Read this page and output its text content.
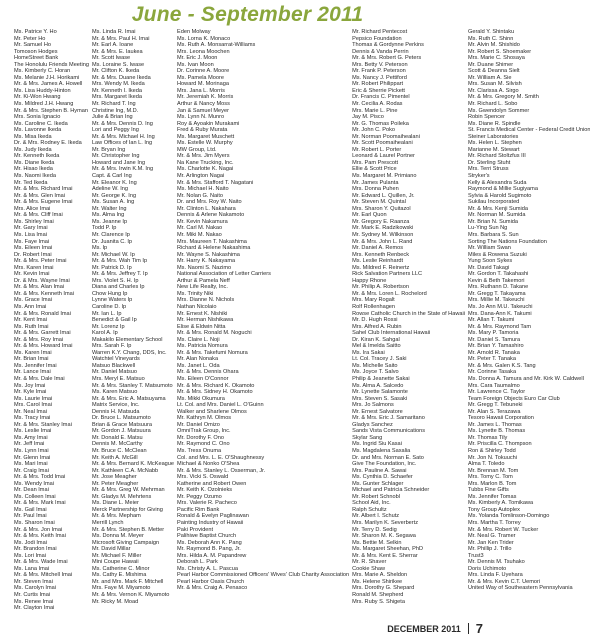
June - September 2011
Ms. Patrice Y. Ho
Mr. Peter Ho
Mr. Samuel Ho
Tomoson Hodges
HomeStreet Bank
The Honolulu Friends Meeting
Ms. Kimberly C. Horan
Ms. Melanie J.H. Horikami
Mr. & Mrs. James A. Howell
Ms. Lisa Huddy-Hinton
Mr. Ki-Won Hwang
Ms. Mildred J.H. Hwang
Mr. & Mrs. Stephen B. Hyman
Mrs. Sonia Ignacio
Ms. Caroline C. Ikeda
Ms. Lavonne Ikeda
Ms. Misa Ikeda
Dr. & Mrs. Rodney E. Ikeda
Ms. Judy Ikeda
Mr. Kenneth Ikeda
Ms. Diane Ikeda
Mr. Hisao Ikeda
Ms. Naomi Ikeda
Mr. Ted Ikeda
Mr. & Mrs. Richard Imai
Mr. & Mrs. Glen Imai
Mr. & Mrs. Eugene Imai
Mrs. Alice Imai
Mr. & Mrs. Cliff Imai
Ms. Shirley Imai
Mr. Gary Imai
Ms. Lisa Imai
Ms. Faye Imai
Ms. Eileen Imai
Dr. Robert Imai
Mr. & Mrs. Peter Imai
Mrs. Karen Imai
Mr. Kevin Imai
Dr. & Mrs. Wayne Imai
Mr. & Mrs. Alan Imai
Mr. & Mrs. Kenneth Imai
Ms. Grace Imai
Ms. Ann Imai
Mr. & Mrs. Ronald Imai
Mr. Kent Imai
Ms. Ruth Imai
Mr. & Mrs. Garrett Imai
Mr. & Mrs. Roy Imai
Mr. & Mrs. Howard Imai
Ms. Karen Imai
Mr. Brian Imai
Ms. Jennifer Imai
Mr. Lance Imai
Mr. & Mrs. Dale Imai
Ms. Joy Imai
Mr. Kyle Imai
Ms. Laurie Imai
Mrs. Carol Imai
Mr. Neal Imai
Ms. Tracy Imai
Mr. & Mrs. Stanley Imai
Ms. Leslie Imai
Ms. Amy Imai
Mr. Jeff Imai
Ms. Lynn Imai
Mr. Glenn Imai
Ms. Mari Imai
Mr. Craig Imai
Mr. & Mrs. Todd Imai
Ms. Wendy Imai
Mr. Dean Imai
Ms. Colleen Imai
Mr. & Mrs. Mark Imai
Ms. Gail Imai
Mr. Paul Imai
Ms. Sharon Imai
Mr. & Mrs. Jon Imai
Mr. & Mrs. Keith Imai
Ms. Jodi Imai
Mr. Brandon Imai
Ms. Lori Imai
Mr. & Mrs. Wade Imai
Ms. Lana Imai
Mr. & Mrs. Mitchell Imai
Mr. Steven Imai
Ms. Carolyn Imai
Mr. Curtis Imai
Ms. Renee Imai
Mr. Clayton Imai
Ms. Linda R. Imai
Mr. & Mrs. Paul H. Imai
Mr. Earl A. Ioane
Mr. & Mrs. E. Iaukea
Mr. Scott Iwase
Ms. Loraine S. Iwase
Mr. Clifton K. Ikeda
Mr. & Mrs. Duane Ikeda
Mrs. Wendy M. Ikeda
Mr. Kenneth I. Ikeda
Mrs. Margaret Ikeda
Mr. Richard T. Ing
Christine Ing, M.D.
Julie & Brian Ing
Mr. & Mrs. Dennis D. Ing
Lori and Peggy Ing
Mr. & Mrs. Michael H. Ing
Law Offices of Ian L. Ing
Mr. Bryan Ing
Mr. Christopher Ing
Howard and Jane Ing
Mr. & Mrs. Irwin K.M. Ing
Capt. & Carl Ing
Mr. Eleanor K. Ing
Adeline W. Ing
Mr. George K. Ing
Ms. Susan A. Ing
Mr. Walter Ing
Ms. Alma Ing
Ms. Jeanne Ip
Todd P. Ip
Mr. Clarence Ip
Dr. Juanita C. Ip
Ms. Ip
Mr. Michael W. Ip
Mr. & Mrs. Wah Tim Ip
Mr. Patrick D. Ip
Mr. & Mrs. Jeffrey T. Ip
Mrs. Violet S. H. Ip
Diana and Charles Ip
Chow Hung Ip
Lynne Waters Ip
Caroline D. Ip
Mr. Ian L. Ip
Benedict & Gail Ip
Mr. Lorenz Ip
Karol A. Ip
Makakilo Elementary School
Mrs. Sarah F. Ip
Warren K.Y. Chang, DDS, Inc.
Watchtel Vineyards
Matsuo Blackwell
Mr. Daniel Matsuo
Mrs. Meryl E. Matsuo
Mr. & Mrs. Stanley T. Matsumoto
Ms. Karen Matsuo
Mr. & Mrs. Eric A. Matsuyama
Matrix Service, Inc.
Dennis H. Matsuda
Dr. Bruce L. Matsumoto
Brian & Grace Matsuura
Mr. Gordon J. Matsuura
Mr. Donald E. Matsu
Dennis M. McCarthy
Mr. Bruce C. McClean
Mr. Keith A. McGill
Mr. & Mrs. Bernard K. McKeague
Mr. Kathleen C.A. McNabb
Mr. Jose Meagher
Mr. Peter Meagher
Mr. & Mrs. Greg W. Mehrman
Mr. Gladys M. Mehrtens
Ms. Diane L. Meier
Merck Partnership for Giving
Mr. & Mrs. Mepham
Merrill Lynch
Mr. & Mrs. Stephen B. Metter
Ms. Donna M. Meyer
Microsoft Giving Campaign
Mr. David Millar
Mr. Michael F. Miller
Mini Coupe Hawaii
Ms. Catherine C. Minor
Ms. Cathy E. Mishima
Mr. and Mrs. Mark F. Mitchell
Mrs. Faye M. Miyamoto
Mr. & Mrs. Vernon K. Miyamoto
Mr. Ricky M. Moad
Eden Molway
Ms. Lorna K. Monaco
Ms. Ruth A. Monsarrat-Williams
Mrs. Leona Moochen
Mr. Eric J. Moon
Ms. Ivan Moon
Dr. Corinne A. Moore
Ms. Pamela Moore
Howard M. Morinaga
Mrs. Jana L. Morris
Mr. Jeremiah K. Morris
Arthur & Nancy Moss
Jan & Samuel Meyer
Ms. Lynn N. Munro
Roy & Ayoakin Murakami
Fred & Ruby Murata
Ms. Margaret Muschett
Ms. Estelle W. Murphy
MW Group, Ltd.
Mr. & Mrs. Jim Myers
Na Kane Trucking, Inc.
Ms. Charlotte K. Nagai
Mr. Arlington Nagai
Mr. & Mrs. Stafford T. Nagatani
Ms. Michael H. Naito
Mr. Nolan G. Naito
Dr. and Mrs. Roy W. Naito
Mr. Clinton L. Nakahara
Dennis & Arlene Nakamoto
Mr. Kevin Nakamura
Mr. Carl M. Nakao
Mr. Miki M. Nakao
Mrs. Maureen T. Nakashima
Richard & Helene Nakashima
Mr. Wayne S. Nakashima
Mr. Harry K. Nakayama
Ms. Naomi S. Nazimo
National Association of Letter Carriers
Arthur & Pamela Neff
New Life Realty, Inc.
Ms. Trinity Niki
Mrs. Dianne N. Nichols
Nathan Nicolaio
Mr. Ernest K. Nishiki
Mr. Herman Nishikawa
Elise & Eldwin Nitta
Mr. & Mrs. Ronald M. Noguchi
Ms. Claire L. Noji
Ms. Patricia Nomura
Mr. & Mrs. Takefumi Nomura
Mr. Alan Nonaka
Ms. Janet L. Oda
Mr. & Mrs. Dennis Ohara
Ms. Eileen O'Connor
Mr. & Mrs. Richard K. Okamoto
Mr. & Mrs. Sidney H. Okamoto
Ms. Mikki Okumura
Lt. Col. and Mrs. Daniel L. O'Guinn
Walker and Sharlene Olmos
Mr. Kathryn M. Olmos
Mr. Daniel Omizo
OmniTrak Group, Inc.
Mr. Dorothy F. Ono
Mr. Raymond C. Ono
Ms. Tress Onuma
Col. and Mrs. L. E. O'Shaughnessy
Michael & Nonko O'Shea
Mr. & Mrs. Stanley L. Osserman, Jr.
Mrs. Vicki S. Oswald
Katherine and Robert Owen
Mr. Keith K. Ozolnieks
Mr. Peggy Ozumo
Mrs. Valerie R. Pacheco
Pacific Rim Bank
Ronald & Evelyn Paglinawan
Painting Industry of Hawaii
Paki Provident
Palihiwe Baptist Church
Ms. Deborah Ann K. Pang
Mr. Raymond B. Pang, Jr.
Mrs. Hilda A. M. Papandrew
Deborah L. Park
Ms. Christy A. L. Pascua
Pearl Harbor Commissioned Officers' Wives' Club Charity Association
Pearl Harbor Oasis Church
Mr. & Mrs. Craig A. Penasco
Mr. Richard Pentecost
Pepsico Foundation
Thomas & Gordynne Perkins
Dennis & Vanda Perrin
Mr. & Mrs. Robert G. Peters
Mrs. Betty V. Peterson
Mr. Frank P. Peterson
Ms. Nancy J. Pettiford
Mr. Robert Philippart
Eric & Sherrie Pickett
Dr. Francis C. Pimentel
Mr. Cecilia A. Rodas
Mrs. Marie L. Pine
Jay M. Pisco
Mr. G. Thomas Poileka
Mr. John C. Poko
Mr. Norman Poomaihealani
Mr. Scott Poomaihealani
Mr. Robert L. Porter
Leonard & Laurel Portner
Mrs. Pam Prescott
Ellie & Scott Price
Ms. Margaret M. Primiano
Mr. James Pulanta
Mrs. Donna Puhen
Mr. Edward L. Quillen, Jr.
Mr. Steven M. Quintal
Mrs. Sharon Y. Quitazol
Mr. Earl Quon
Mr. Gregory E. Raanza
Mr. Mark E. Radzikowski
Mr. Sydney M. Wilkinson
Mr. & Mrs. John L. Rand
Mr. Daniel A. Remos
Mrs. Kenneth Renbeck
Ms. Leslie Reinhardt
Ms. Mildred F. Reinertz
Rick Salvation Partners LLC
Happy Rhone
Mr. Philip A. Robertson
Mr. & Mrs. Loren L. Rochelord
Mrs. Mary Rogalt
Rolf Rollenhagen
Rowse Catholic Church in the State of Hawaii
Mr. D. Hugh Rossi
Mrs. Alfred A. Rubin
Sahel Club International Hawaii
Dr. Kiran K. Sahgal
Mel & Imelda Saitto
Ms. Ira Sakai
Lt. Col. Tracey J. Saki
Ms. Michelle Saito
Ms. Joyce T. Salvo
Philip & Jeanette Sakai
Ms. Alma A. Salcedo
Mr. Lynette Salamonte
Mrs. Steven S. Sasaki
Mrs. Jo Salmons
Mr. Ernest Salvatore
Mr. & Mrs. Eric J. Samaritano
Gladys Sanchez
Sands Vista Communications
Skylar Sang
Ms. Ingrid Siu Kasai
Ms. Magdalena Saxalia
Dr. and Mrs. Norman E. Sato
Give The Foundation, Inc.
Mrs. Pauline A. Sawai
Ms. Cynthia D. Schaefer
Ms. Gunter Schlager
Michael and Patricia Schneider
Mr. Robert Schnobl
School Aid, Inc.
Ralph Schultz
Mr. Albert I. Schutz
Mrs. Marilyn K. Severbertz
Mr. Terry D. Sedig
Mr. Sharon M. K. Segawa
Ms. Bettie M. Selkin
Ms. Margaret Sheehan, PhD
Mr. & Mrs. Kent E. Sherrar
Mr. R. Shaver
Cookie Shaw
Mrs. Marie A. Sheldon
Ms. Helene Shirikee
Mrs. Dorothy G. Shepard
Ronald M. Shepherd
Mrs. Ruby S. Shigeta
Gerald Y. Shintaku
Ms. Ruth C. Shinn
Mr. Alvin M. Shishido
Mr. Robert S. Shoemaker
Mrs. Marie C. Shosaya
Mr. Duane Shimer
Scott & Deanna Sielt
Mr. William A. Sie
Mrs. Susan M. Silvish
Mr. Clarissa A. Sirgo
Mr. & Mrs. Gregory M. Smith
Mr. Richard L. Sobo
Ms. Gwendolyn Sommer
Robin Spencer
Ms. Diane R. Spindle
St. Francis Medical Center - Federal Credit Union
Steiner Laboratories
Ms. Helen L. Stephen
Marianne M. Stewart
Mr. Richard Stoltzfus III
Dr. Sterling Stuht
Mrs. Terri Struss
Stryker's
Kelly & Alexandra Suda
Raymond & Millie Sugiyama
Sylvia & Harold Sugimoto
Sukilau Incorporated
Mr. & Mrs. Kenji Sumida
Mr. Norman M. Sumida
Mr. Brian N. Sumida
Lu-Ying Sun Ng
Mrs. Barbara S. Sun
Sorting The Nations Foundation
Mr. William Swan
Miles & Rowena Suzuki
Yung Soon Sykes
Mr. David Takagi
Mr. Gordon T. Takahashi
Kevin & Beth Takemori
Mrs. Ruthann D. Takane
Mr. Gregg T. Takayama
Mrs. Millie M. Takeuchi
Ms. Jo Ann M.U. Takeuchi
Mrs. Dana-Ann K. Takumi
Mr. Allan T. Takumi
Mr. & Mrs. Raymond Tam
Ms. Mary P. Tamoria
Mr. Daniel S. Tamura
Mr. Brian Y. Tamashiro
Mr. Arnold R. Tanaka
Mr. Peter T. Tanaka
Mr. & Mrs. Galen K.S. Tang
Mr. Corinne Tasaka
Ms. Donna A. Tamura and Mr. Kirk W. Caldwell
Mrs. Cara Taumalmo
Mr. Lawrence C. Taylor
Team Foreign Objects Euro Car Club
Mr. Gregg T. Tebuneki
Mr. Alan S. Terazawa
Tesoro Hawaii Corporation
Mr. James L. Thomas
Ms. Lynette B. Thomas
Mr. Thomas Tily
Mr. Priscilla C. Thompson
Ron & Shirley Todd
Mr. Jon N. Tokuuchi
Alma T. Toledo
Mr. Brennan M. Tom
Mrs. Tomy C. Tom
Mrs. Marlon B. Tom
Tubbs Fine Gifts
Ms. Jennifer Tomas
Ms. Kimberly A. Tomikawa
Tony Group Autoplex
Ms. Yolanda Tomlinson-Domingo
Mrs. Martha T. Torrey
Mr. & Mrs. Robert W. Tucker
Mr. Neal G. Tramer
Mr. Jan Ken Trider
Mr. Phillip J. Trillo
Trust3
Mr. Dennis M. Tsuhako
Doris Uchimoto
Mrs. Linda F. Uyehara
Mr. & Mrs. Kevin C.T. Uemori
United Way of Southeastern Pennsylvania
DECEMBER 2011 7
